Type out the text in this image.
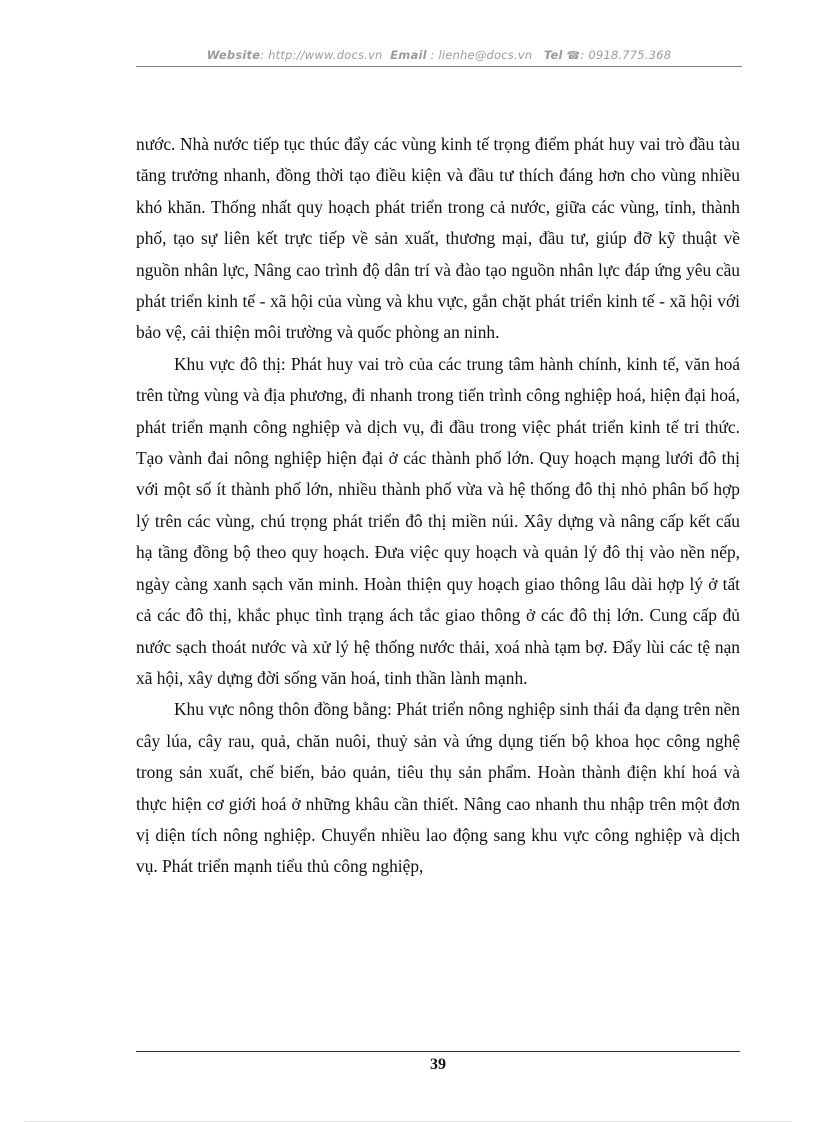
Website: http://www.docs.vn Email : lienhe@docs.vn Tel ☎: 0918.775.368

nước. Nhà nước tiếp tục thúc đẩy các vùng kinh tế trọng điểm phát huy vai trò đầu tàu tăng trưởng nhanh, đồng thời tạo điều kiện và đầu tư thích đáng hơn cho vùng nhiều khó khăn. Thống nhất quy hoạch phát triển trong cả nước, giữa các vùng, tỉnh, thành phố, tạo sự liên kết trực tiếp về sản xuất, thương mại, đầu tư, giúp đỡ kỹ thuật về nguồn nhân lực, Nâng cao trình độ dân trí và đào tạo nguồn nhân lực đáp ứng yêu cầu phát triển kinh tế - xã hội của vùng và khu vực, gắn chặt phát triển kinh tế - xã hội với bảo vệ, cải thiện môi trường và quốc phòng an ninh.

Khu vực đô thị: Phát huy vai trò của các trung tâm hành chính, kinh tế, văn hoá trên từng vùng và địa phương, đi nhanh trong tiến trình công nghiệp hoá, hiện đại hoá, phát triển mạnh công nghiệp và dịch vụ, đi đầu trong việc phát triển kinh tế tri thức. Tạo vành đai nông nghiệp hiện đại ở các thành phố lớn. Quy hoạch mạng lưới đô thị với một số ít thành phố lớn, nhiều thành phố vừa và hệ thống đô thị nhỏ phân bố hợp lý trên các vùng, chú trọng phát triển đô thị miền núi. Xây dựng và nâng cấp kết cấu hạ tầng đồng bộ theo quy hoạch. Đưa việc quy hoạch và quản lý đô thị vào nền nếp, ngày càng xanh sạch văn minh. Hoàn thiện quy hoạch giao thông lâu dài hợp lý ở tất cả các đô thị, khắc phục tình trạng ách tắc giao thông ở các đô thị lớn. Cung cấp đủ nước sạch thoát nước và xử lý hệ thống nước thải, xoá nhà tạm bợ. Đẩy lùi các tệ nạn xã hội, xây dựng đời sống văn hoá, tinh thần lành mạnh.

Khu vực nông thôn đồng bằng: Phát triển nông nghiệp sinh thái đa dạng trên nền cây lúa, cây rau, quả, chăn nuôi, thuỷ sản và ứng dụng tiến bộ khoa học công nghệ trong sản xuất, chế biến, bảo quản, tiêu thụ sản phẩm. Hoàn thành điện khí hoá và thực hiện cơ giới hoá ở những khâu cần thiết. Nâng cao nhanh thu nhập trên một đơn vị diện tích nông nghiệp. Chuyển nhiều lao động sang khu vực công nghiệp và dịch vụ. Phát triển mạnh tiểu thủ công nghiệp,

39
